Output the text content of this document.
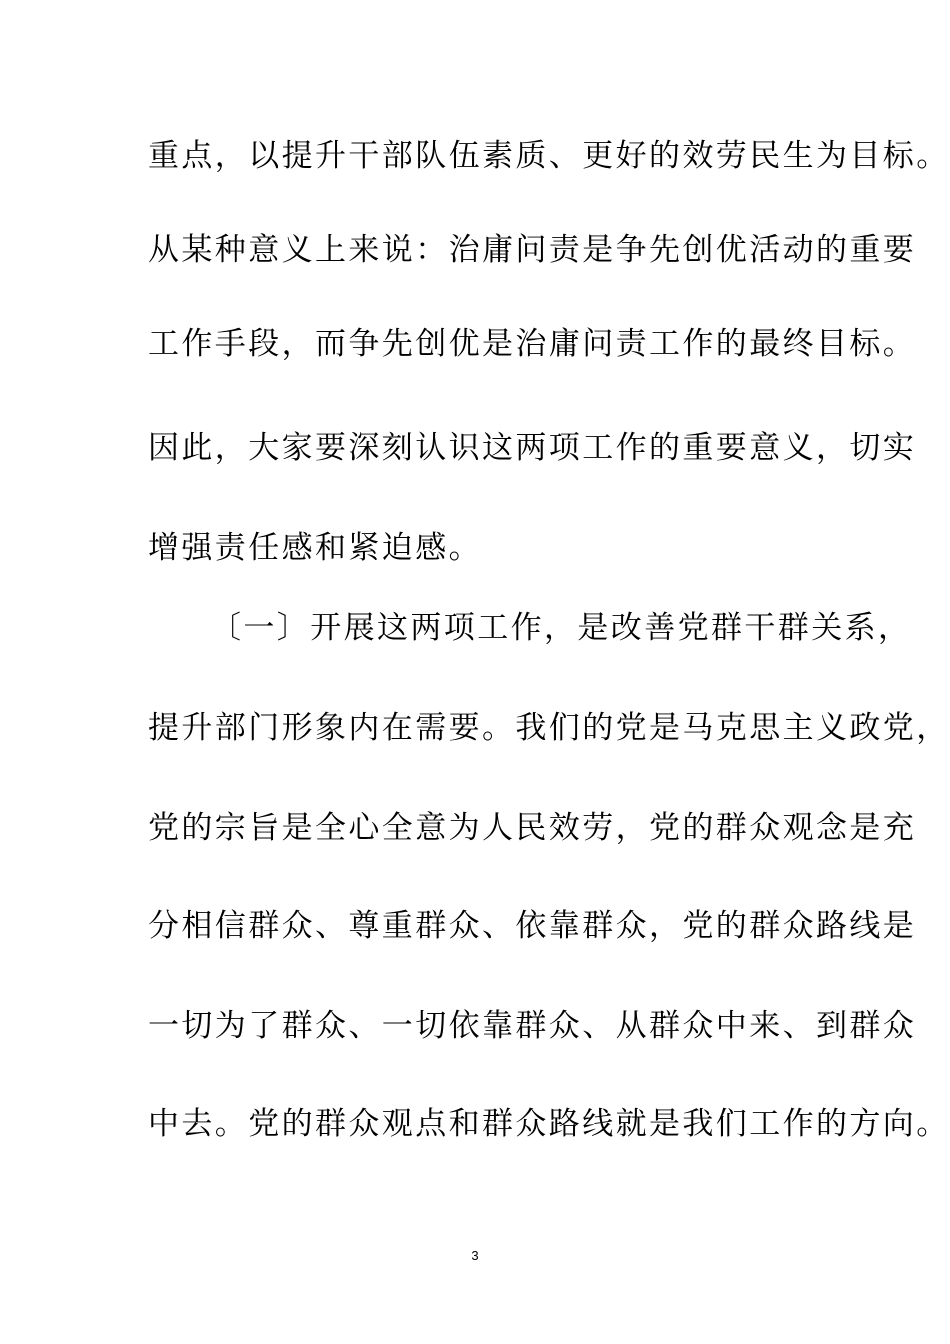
重点，以提升干部队伍素质、更好的效劳民生为目标。
从某种意义上来说：治庸问责是争先创优活动的重要
工作手段，而争先创优是治庸问责工作的最终目标。
因此，大家要深刻认识这两项工作的重要意义，切实
增强责任感和紧迫感。
〔一〕开展这两项工作，是改善党群干群关系，
提升部门形象内在需要。我们的党是马克思主义政党，
党的宗旨是全心全意为人民效劳，党的群众观念是充
分相信群众、尊重群众、依靠群众，党的群众路线是
一切为了群众、一切依靠群众、从群众中来、到群众
中去。党的群众观点和群众路线就是我们工作的方向。
3
